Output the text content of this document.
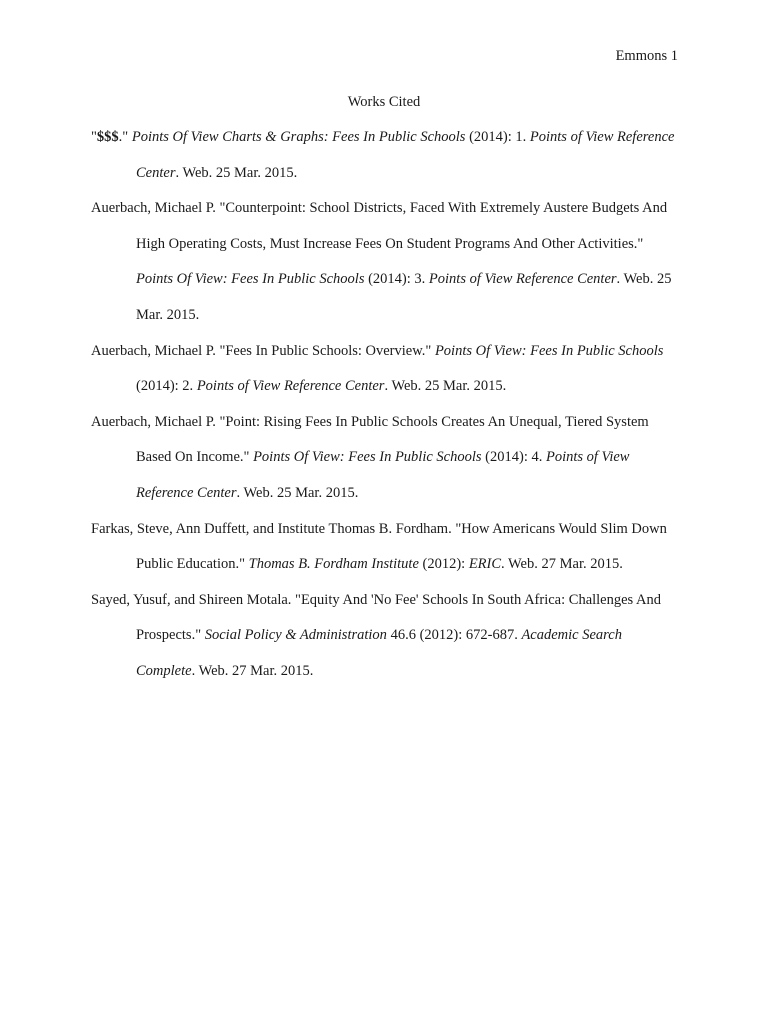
Emmons 1
Works Cited
"$$$." Points Of View Charts & Graphs: Fees In Public Schools (2014): 1. Points of View Reference Center. Web. 25 Mar. 2015.
Auerbach, Michael P. "Counterpoint: School Districts, Faced With Extremely Austere Budgets And High Operating Costs, Must Increase Fees On Student Programs And Other Activities." Points Of View: Fees In Public Schools (2014): 3. Points of View Reference Center. Web. 25 Mar. 2015.
Auerbach, Michael P. "Fees In Public Schools: Overview." Points Of View: Fees In Public Schools (2014): 2. Points of View Reference Center. Web. 25 Mar. 2015.
Auerbach, Michael P. "Point: Rising Fees In Public Schools Creates An Unequal, Tiered System Based On Income." Points Of View: Fees In Public Schools (2014): 4. Points of View Reference Center. Web. 25 Mar. 2015.
Farkas, Steve, Ann Duffett, and Institute Thomas B. Fordham. "How Americans Would Slim Down Public Education." Thomas B. Fordham Institute (2012): ERIC. Web. 27 Mar. 2015.
Sayed, Yusuf, and Shireen Motala. "Equity And 'No Fee' Schools In South Africa: Challenges And Prospects." Social Policy & Administration 46.6 (2012): 672-687. Academic Search Complete. Web. 27 Mar. 2015.
